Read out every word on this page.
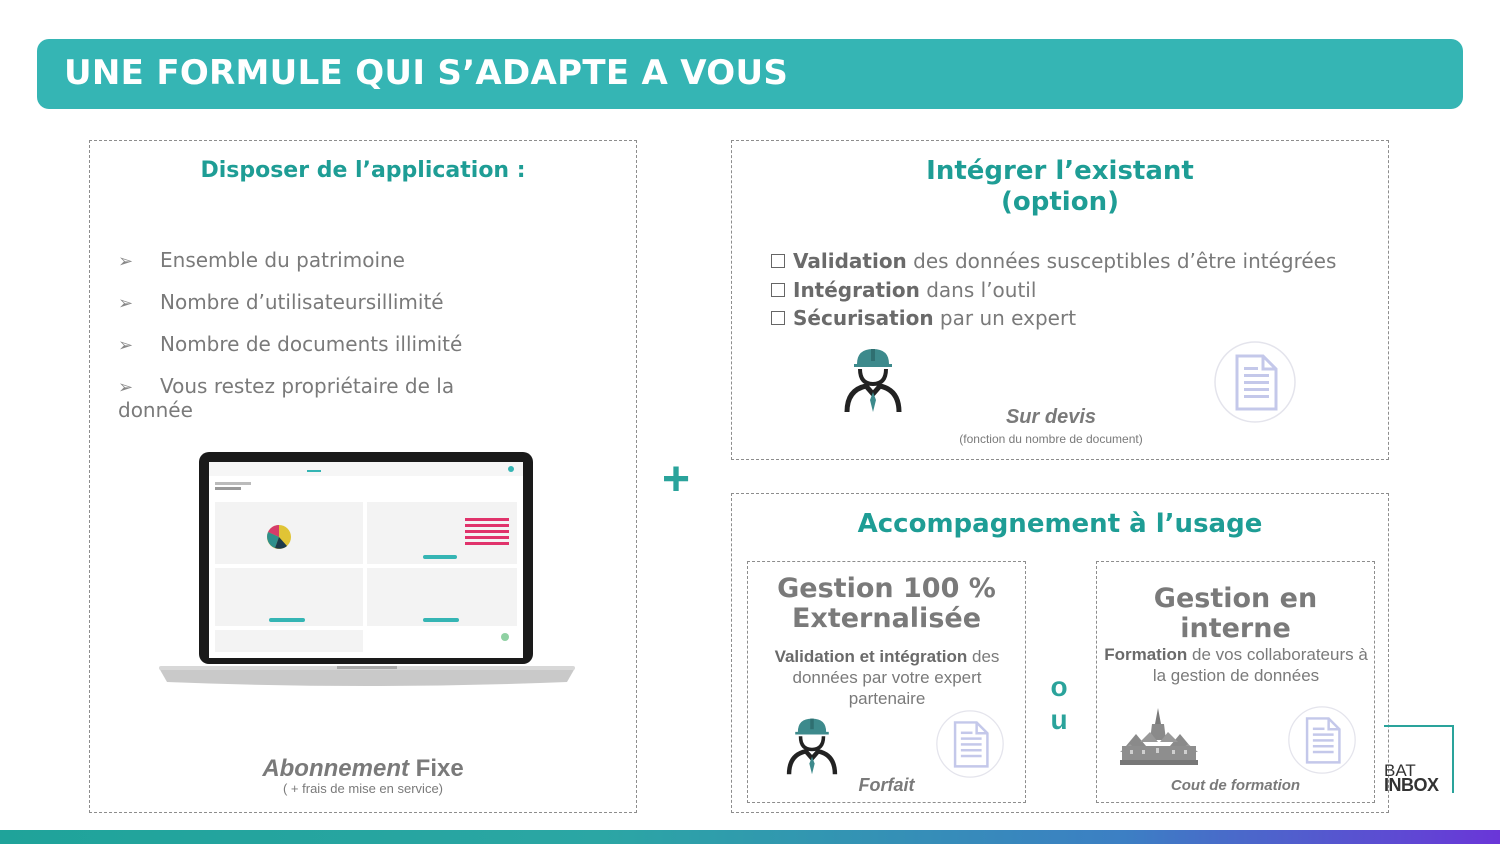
UNE FORMULE QUI S’ADAPTE A VOUS
Disposer de l’application :
➢ Ensemble du patrimoine
➢ Nombre d’utilisateursillimité
➢ Nombre de documents illimité
➢ Vous restez propriétaire de la
donnée
Abonnement Fixe
( + frais de mise en service)
+
Intégrer l’existant
(option)
Validation des données susceptibles d’être intégrées
Intégration dans l’outil
Sécurisation par un expert
Sur devis
(fonction du nombre de document)
Accompagnement à l’usage
Gestion 100 %
Externalisée
Validation et intégration des données par votre expert partenaire
Forfait
o
u
Gestion en interne
Formation de vos collaborateurs à la gestion de données
Cout de formation
BAT
INBOX
